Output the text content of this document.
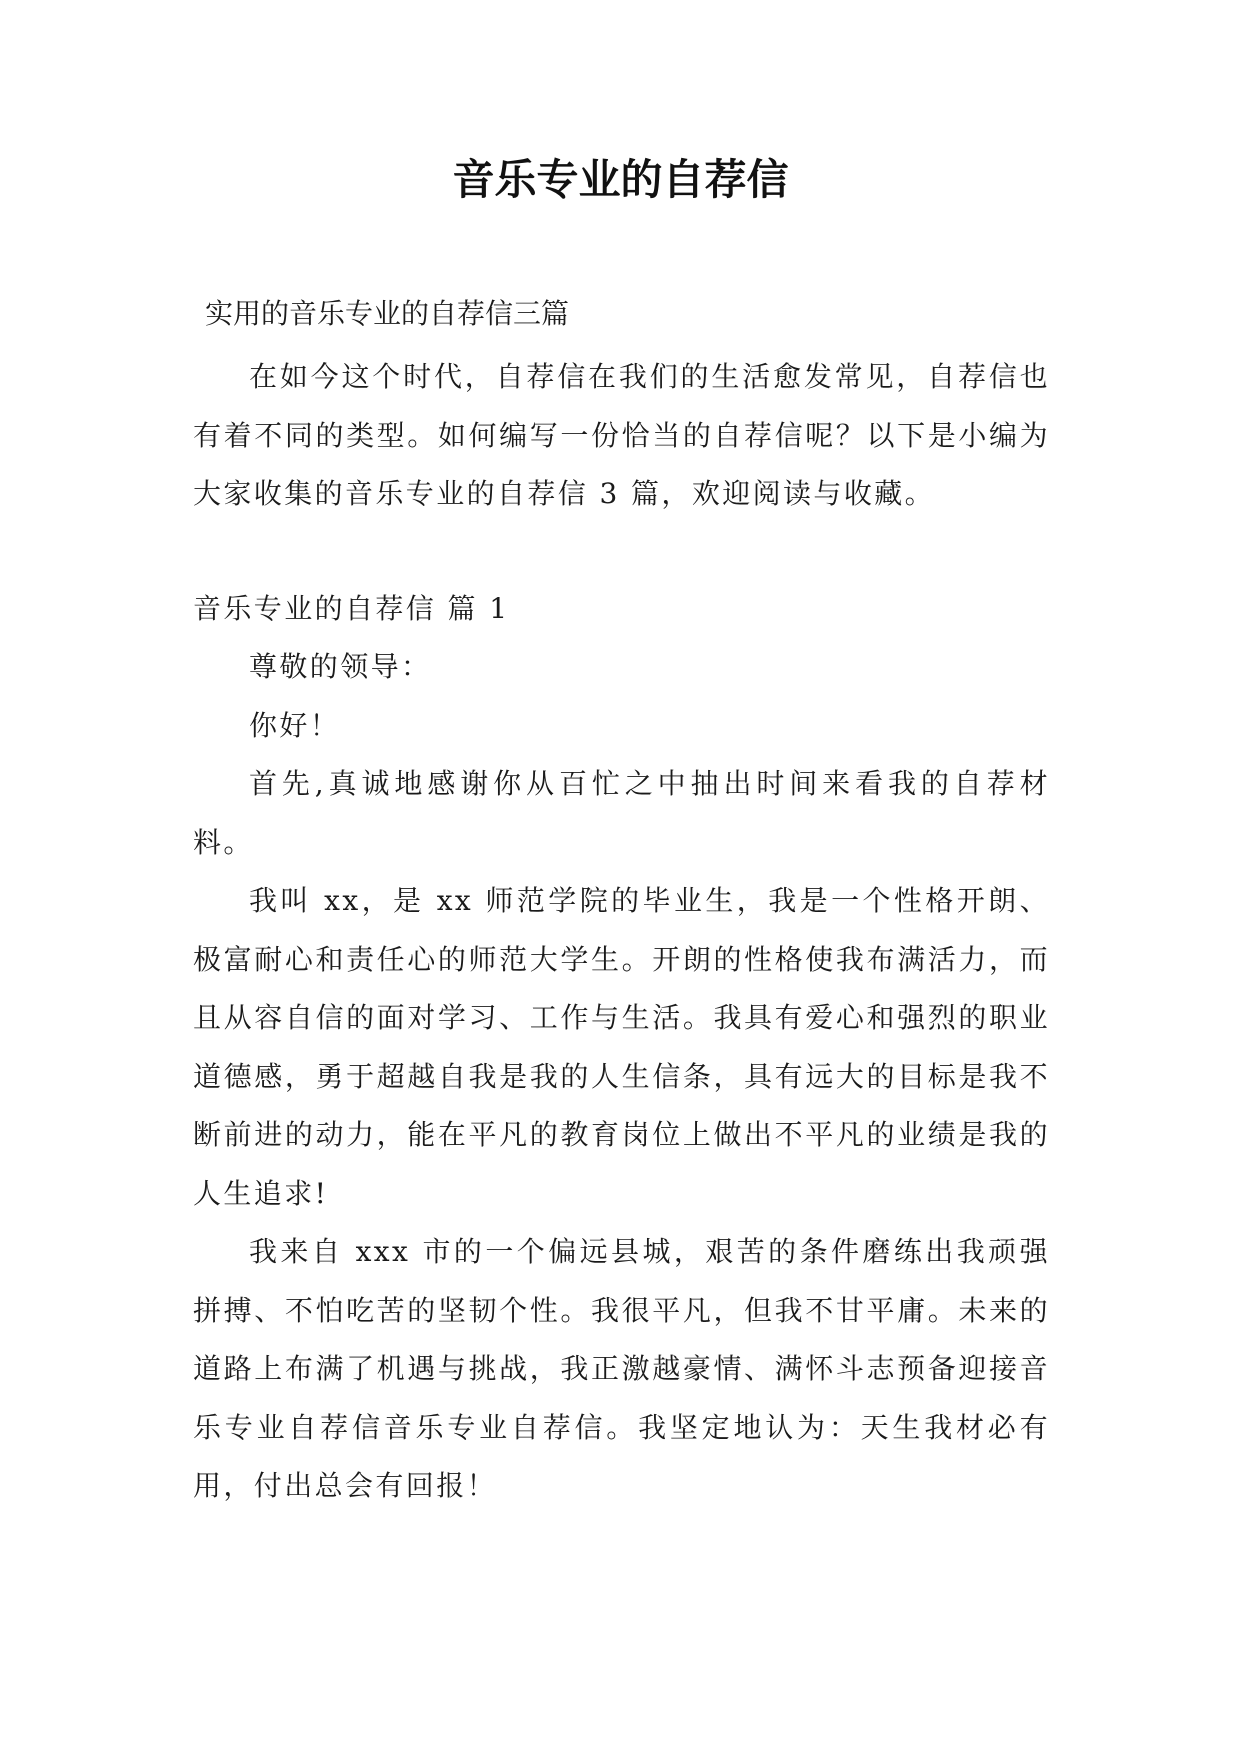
音乐专业的自荐信

实用的音乐专业的自荐信三篇

在如今这个时代，自荐信在我们的生活愈发常见，自荐信也有着不同的类型。如何编写一份恰当的自荐信呢？以下是小编为大家收集的音乐专业的自荐信 3 篇，欢迎阅读与收藏。

音乐专业的自荐信 篇 1

尊敬的领导：

你好！

首先,真诚地感谢你从百忙之中抽出时间来看我的自荐材料。

我叫 xx，是 xx 师范学院的毕业生，我是一个性格开朗、极富耐心和责任心的师范大学生。开朗的性格使我布满活力，而且从容自信的面对学习、工作与生活。我具有爱心和强烈的职业道德感，勇于超越自我是我的人生信条，具有远大的目标是我不断前进的动力，能在平凡的教育岗位上做出不平凡的业绩是我的人生追求!

我来自 xxx 市的一个偏远县城，艰苦的条件磨练出我顽强拼搏、不怕吃苦的坚韧个性。我很平凡，但我不甘平庸。未来的道路上布满了机遇与挑战，我正激越豪情、满怀斗志预备迎接音乐专业自荐信音乐专业自荐信。我坚定地认为：天生我材必有用，付出总会有回报！
